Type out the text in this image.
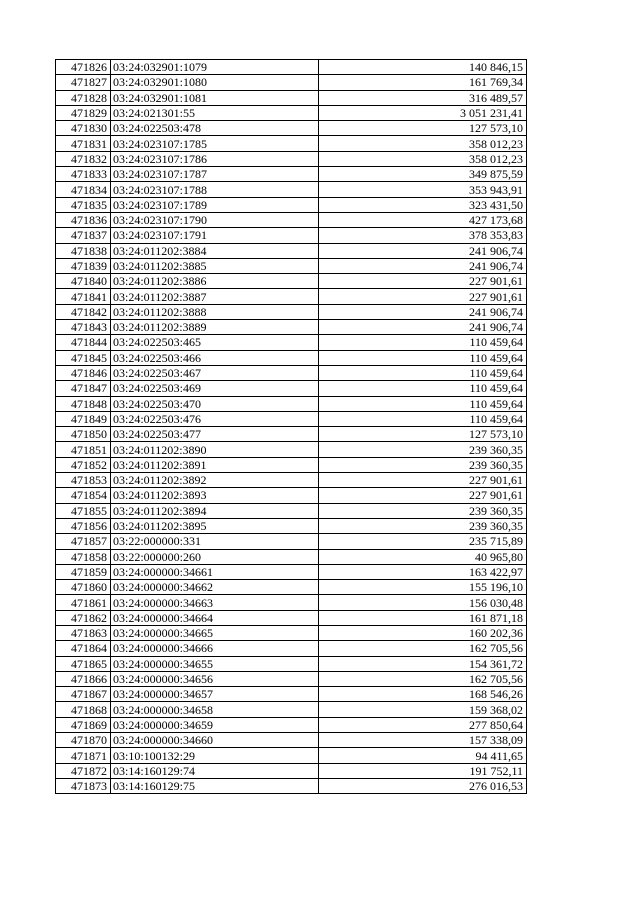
471826	03:24:032901:1079	140 846,15
471827	03:24:032901:1080	161 769,34
471828	03:24:032901:1081	316 489,57
471829	03:24:021301:55	3 051 231,41
471830	03:24:022503:478	127 573,10
471831	03:24:023107:1785	358 012,23
471832	03:24:023107:1786	358 012,23
471833	03:24:023107:1787	349 875,59
471834	03:24:023107:1788	353 943,91
471835	03:24:023107:1789	323 431,50
471836	03:24:023107:1790	427 173,68
471837	03:24:023107:1791	378 353,83
471838	03:24:011202:3884	241 906,74
471839	03:24:011202:3885	241 906,74
471840	03:24:011202:3886	227 901,61
471841	03:24:011202:3887	227 901,61
471842	03:24:011202:3888	241 906,74
471843	03:24:011202:3889	241 906,74
471844	03:24:022503:465	110 459,64
471845	03:24:022503:466	110 459,64
471846	03:24:022503:467	110 459,64
471847	03:24:022503:469	110 459,64
471848	03:24:022503:470	110 459,64
471849	03:24:022503:476	110 459,64
471850	03:24:022503:477	127 573,10
471851	03:24:011202:3890	239 360,35
471852	03:24:011202:3891	239 360,35
471853	03:24:011202:3892	227 901,61
471854	03:24:011202:3893	227 901,61
471855	03:24:011202:3894	239 360,35
471856	03:24:011202:3895	239 360,35
471857	03:22:000000:331	235 715,89
471858	03:22:000000:260	40 965,80
471859	03:24:000000:34661	163 422,97
471860	03:24:000000:34662	155 196,10
471861	03:24:000000:34663	156 030,48
471862	03:24:000000:34664	161 871,18
471863	03:24:000000:34665	160 202,36
471864	03:24:000000:34666	162 705,56
471865	03:24:000000:34655	154 361,72
471866	03:24:000000:34656	162 705,56
471867	03:24:000000:34657	168 546,26
471868	03:24:000000:34658	159 368,02
471869	03:24:000000:34659	277 850,64
471870	03:24:000000:34660	157 338,09
471871	03:10:100132:29	94 411,65
471872	03:14:160129:74	191 752,11
471873	03:14:160129:75	276 016,53
